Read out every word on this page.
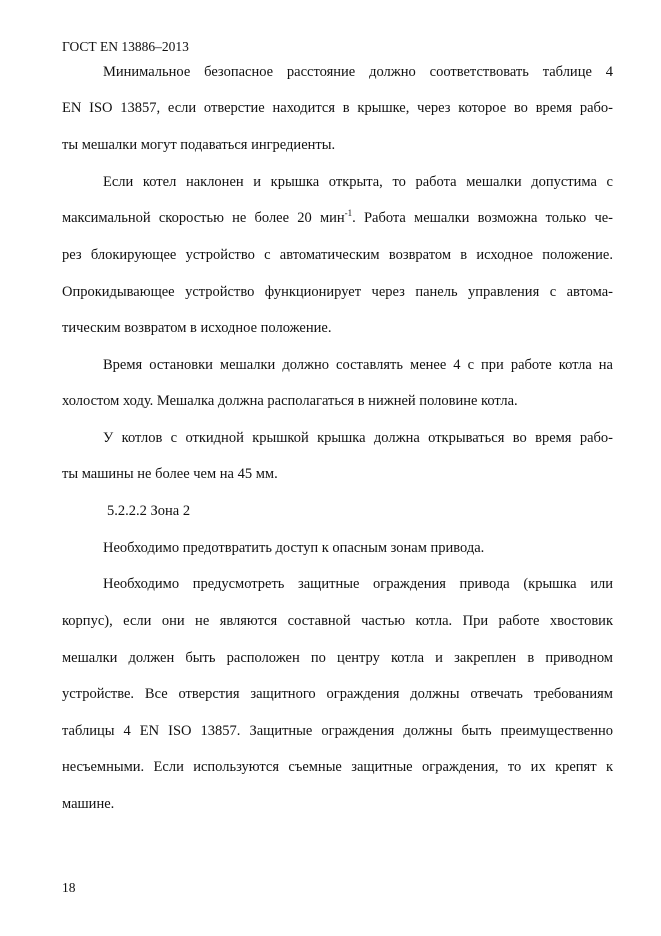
ГОСТ EN 13886–2013
Минимальное безопасное расстояние должно соответствовать таблице 4
EN ISO 13857, если отверстие находится в крышке, через которое во время рабо-
ты мешалки могут подаваться ингредиенты.
Если котел наклонен и крышка открыта, то работа мешалки допустима с
максимальной скоростью не более 20 мин$^{-1}$. Работа мешалки возможна только че-
рез блокирующее устройство с автоматическим возвратом в исходное положение.
Опрокидывающее устройство функционирует через панель управления с автома-
тическим возвратом в исходное положение.
Время остановки мешалки должно составлять менее 4 с при работе котла на
холостом ходу. Мешалка должна располагаться в нижней половине котла.
У котлов с откидной крышкой крышка должна открываться во время рабо-
ты машины не более чем на 45 мм.
5.2.2.2 Зона 2
Необходимо предотвратить доступ к опасным зонам привода.
Необходимо предусмотреть защитные ограждения привода (крышка или
корпус), если они не являются составной частью котла. При работе хвостовик
мешалки должен быть расположен по центру котла и закреплен в приводном
устройстве. Все отверстия защитного ограждения должны отвечать требованиям
таблицы 4 EN ISO 13857. Защитные ограждения должны быть преимущественно
несъемными. Если используются съемные защитные ограждения, то их крепят к
машине.
18
